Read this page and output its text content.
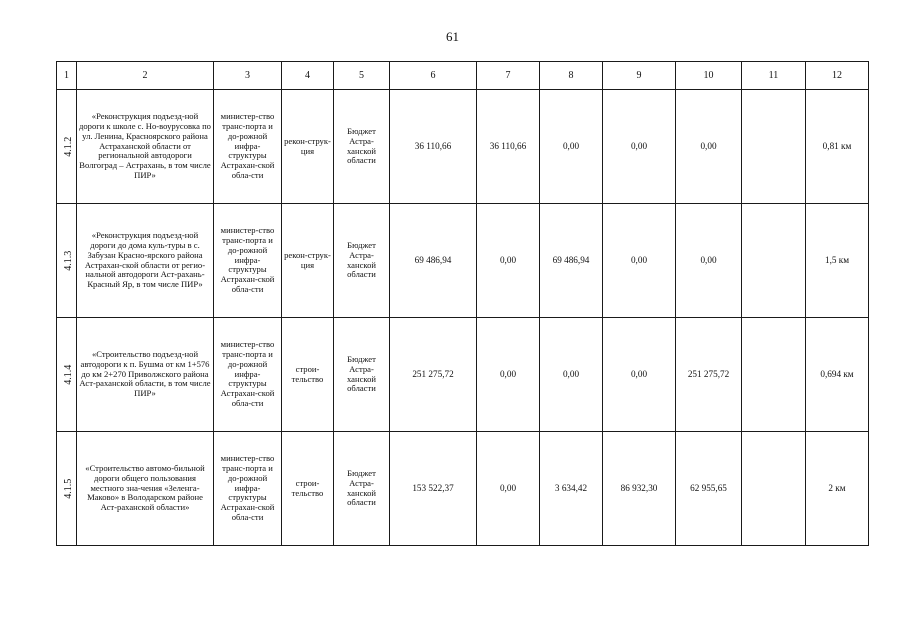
61
1	2	3	4	5	6	7	8	9	10	11	12
4.1.2	«Реконструкция подъезд-ной дороги к школе с. Но-воурусовка по ул. Ленина, Красноярского района Астраханской области от региональной автодороги Волгоград – Астрахань, в том числе ПИР»	министер-ство транс-порта и до-рожной инфра-структуры Астрахан-ской обла-сти	рекон-струк-ция	Бюджет Астра-ханской области	36 110,66	36 110,66	0,00	0,00	0,00		0,81 км
4.1.3	«Реконструкция подъезд-ной дороги до дома куль-туры в с. Забузан Красно-ярского района Астрахан-ской области от регио-нальной автодороги Аст-рахань-Красный Яр, в том числе ПИР»	министер-ство транс-порта и до-рожной инфра-структуры Астрахан-ской обла-сти	рекон-струк-ция	Бюджет Астра-ханской области	69 486,94	0,00	69 486,94	0,00	0,00		1,5 км
4.1.4	«Строительство подъезд-ной автодороги к п. Бушма от км 1+576 до км 2+270 Приволжского района Аст-раханской области, в том числе ПИР»	министер-ство транс-порта и до-рожной инфра-структуры Астрахан-ской обла-сти	строи-тельство	Бюджет Астра-ханской области	251 275,72	0,00	0,00	0,00	251 275,72		0,694 км
4.1.5	«Строительство автомо-бильной дороги общего пользования местного зна-чения «Зеленга-Маково» в Володарском районе Аст-раханской области»	министер-ство транс-порта и до-рожной инфра-структуры Астрахан-ской обла-сти	строи-тельство	Бюджет Астра-ханской области	153 522,37	0,00	3 634,42	86 932,30	62 955,65		2 км
